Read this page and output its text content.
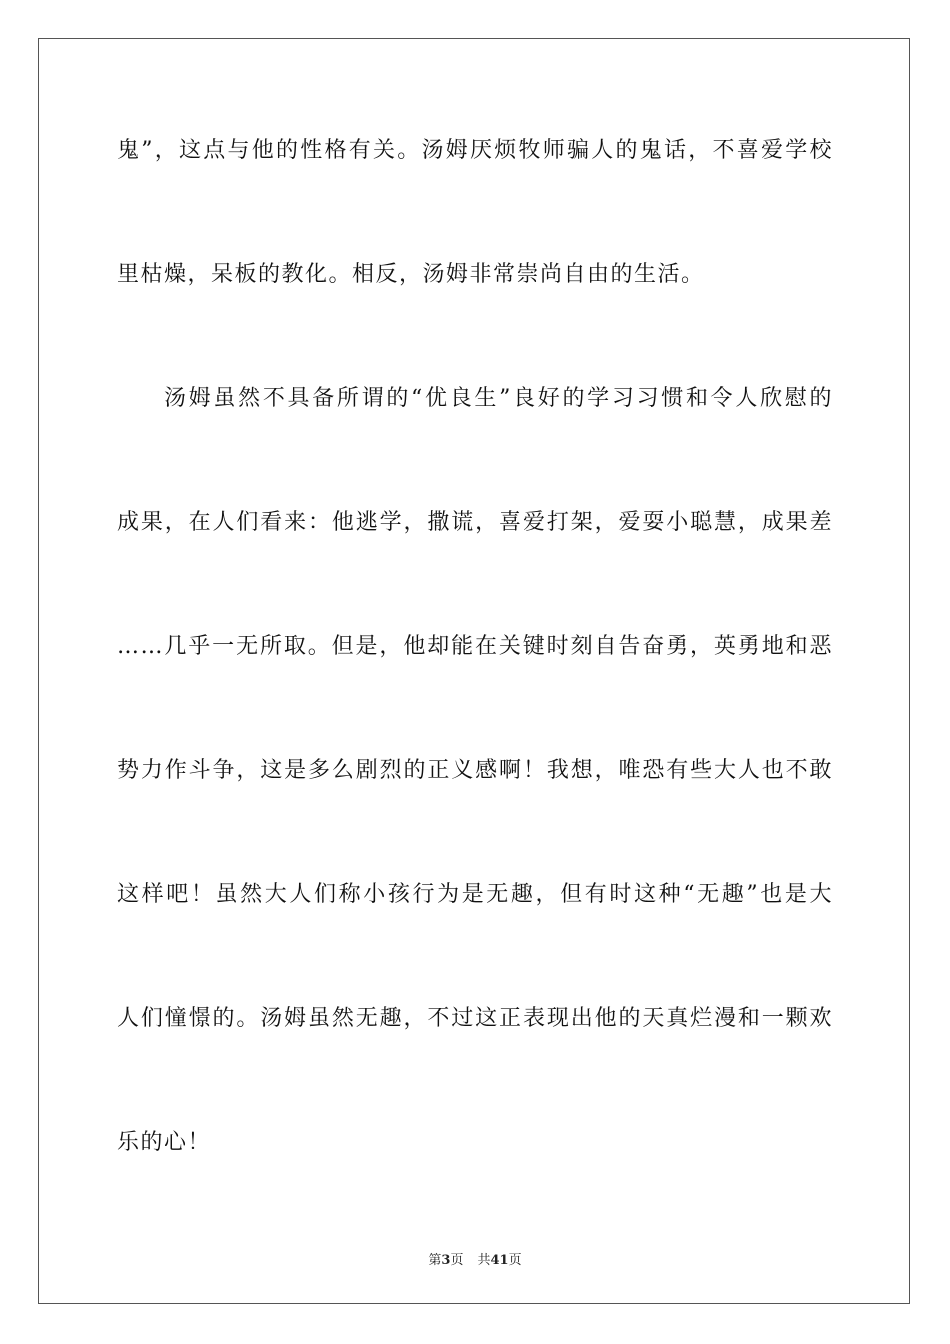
鬼”，这点与他的性格有关。汤姆厌烦牧师骗人的鬼话，不喜爱学校
里枯燥，呆板的教化。相反，汤姆非常崇尚自由的生活。
汤姆虽然不具备所谓的“优良生”良好的学习习惯和令人欣慰的
成果，在人们看来：他逃学，撒谎，喜爱打架，爱耍小聪慧，成果差
……几乎一无所取。但是，他却能在关键时刻自告奋勇，英勇地和恶
势力作斗争，这是多么剧烈的正义感啊！我想，唯恐有些大人也不敢
这样吧！虽然大人们称小孩行为是无趣，但有时这种“无趣”也是大
人们憧憬的。汤姆虽然无趣，不过这正表现出他的天真烂漫和一颗欢
乐的心！
第3页 共41页
